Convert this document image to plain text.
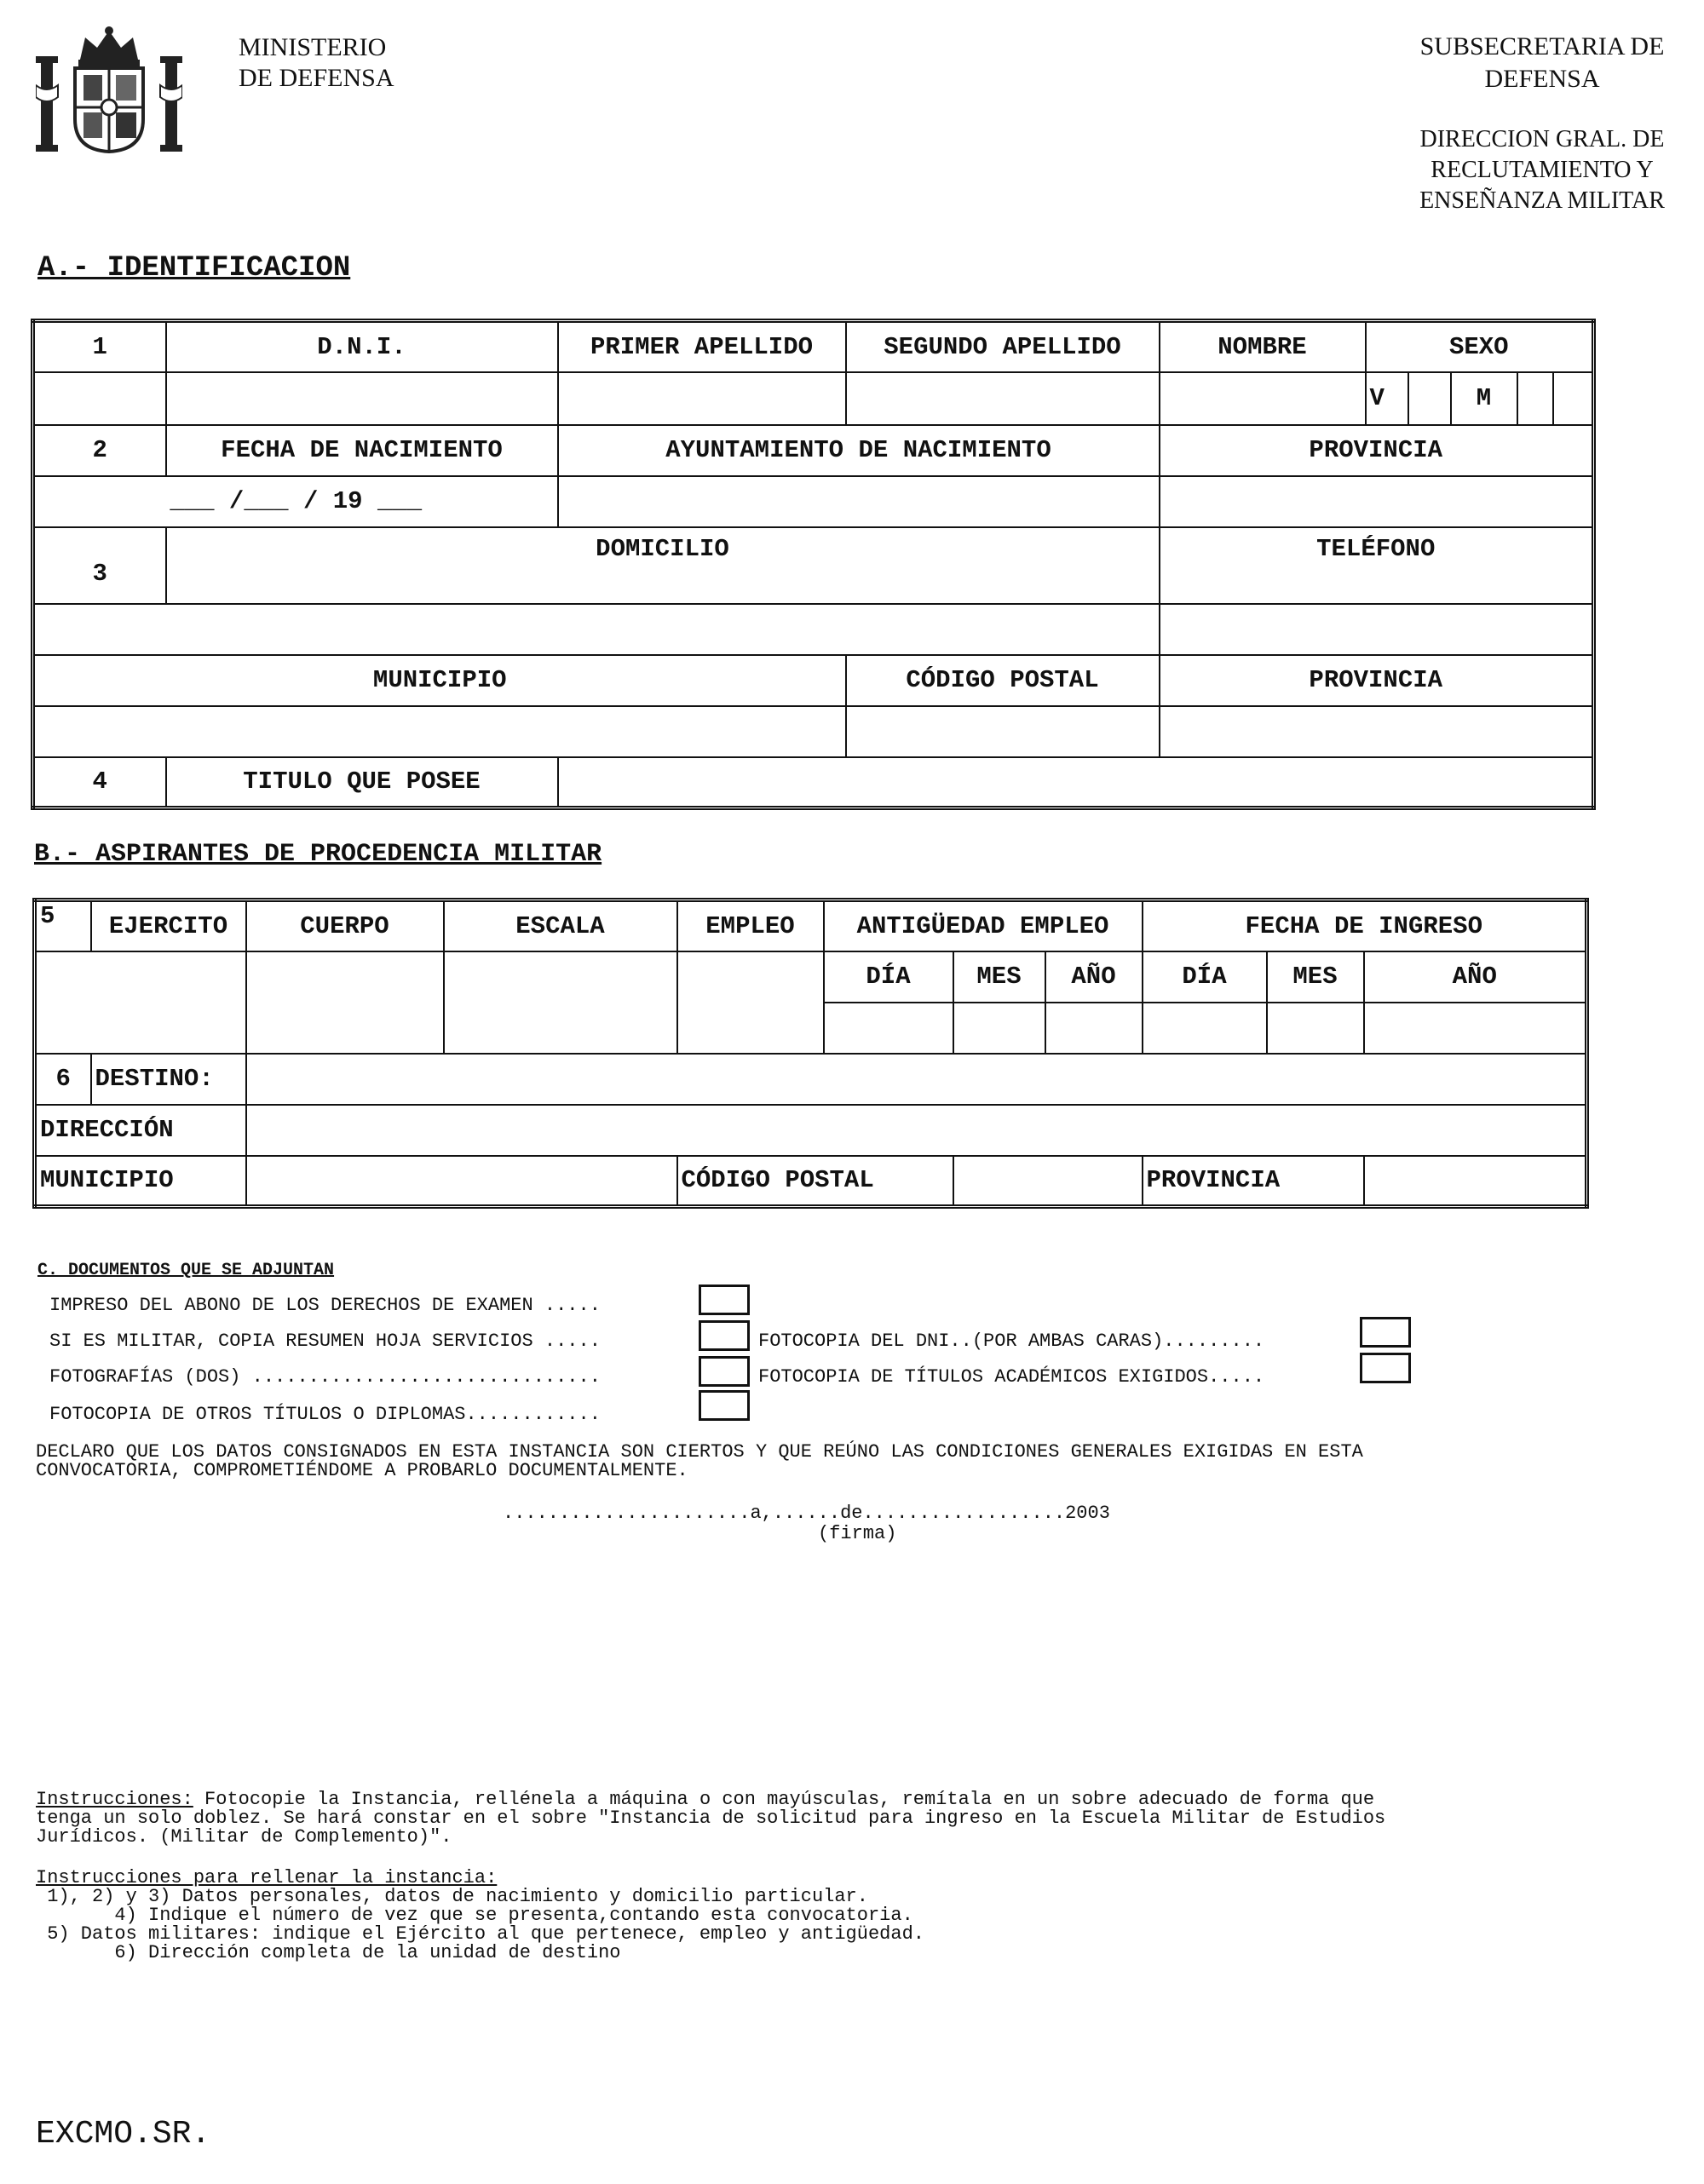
MINISTERIO
DE DEFENSA
SUBSECRETARIA DE
DEFENSA
DIRECCION GRAL. DE
RECLUTAMIENTO Y
ENSEÑANZA MILITAR
A.- IDENTIFICACION
1	D.N.I.	PRIMER APELLIDO	SEGUNDO APELLIDO	NOMBRE	SEXO

V M

2	FECHA DE NACIMIENTO	AYUNTAMIENTO DE NACIMIENTO		PROVINCIA	
___ /___ / 19 ___					
3	DOMICILIO			TELÉFONO	

MUNICIPIO			CÓDIGO POSTAL	PROVINCIA	

4	TITULO QUE POSEE				
B.- ASPIRANTES DE PROCEDENCIA MILITAR
5	EJERCITO	CUERPO	ESCALA	EMPLEO	ANTIGÜEDAD EMPLEO			FECHA DE INGRESO		
					DÍA	MES	AÑO	DÍA	MES	AÑO

6	DESTINO:									
DIRECCIÓN										
MUNICIPIO				CÓDIGO POSTAL				PROVINCIA		
C. DOCUMENTOS QUE SE ADJUNTAN
IMPRESO DEL ABONO DE LOS DERECHOS DE EXAMEN .....
SI ES MILITAR, COPIA RESUMEN HOJA SERVICIOS .....
FOTOGRAFÍAS (DOS) ...............................
FOTOCOPIA DE OTROS TÍTULOS O DIPLOMAS............
FOTOCOPIA DEL DNI..(POR AMBAS CARAS).........
FOTOCOPIA DE TÍTULOS ACADÉMICOS EXIGIDOS.....
DECLARO QUE LOS DATOS CONSIGNADOS EN ESTA INSTANCIA SON CIERTOS Y QUE REÚNO LAS CONDICIONES GENERALES EXIGIDAS EN ESTA
CONVOCATORIA, COMPROMETIÉNDOME A PROBARLO DOCUMENTALMENTE.
......................a,......de..................2003
(firma)
Instrucciones: Fotocopie la Instancia, rellénela a máquina o con mayúsculas, remítala en un sobre adecuado de forma que
tenga un solo doblez. Se hará constar en el sobre "Instancia de solicitud para ingreso en la Escuela Militar de Estudios
Jurídicos. (Militar de Complemento)".
Instrucciones para rellenar la instancia:
1), 2) y 3) Datos personales, datos de nacimiento y domicilio particular.
4) Indique el número de vez que se presenta,contando esta convocatoria.
5) Datos militares: indique el Ejército al que pertenece, empleo y antigüedad.
6) Dirección completa de la unidad de destino
EXCMO.SR.
